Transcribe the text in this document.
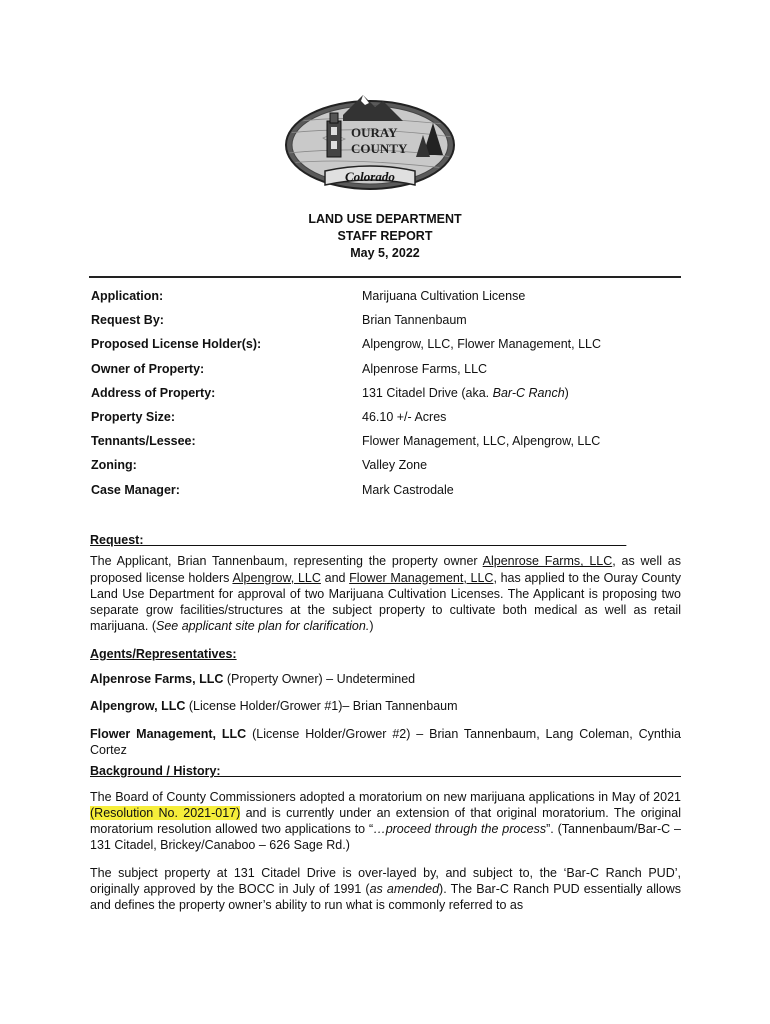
OURAY
COUNTY
Colorado
LAND USE DEPARTMENT
STAFF REPORT
May 5, 2022
Application:	Marijuana Cultivation License
Request By:	Brian Tannenbaum
Proposed License Holder(s):	Alpengrow, LLC, Flower Management, LLC
Owner of Property:	Alpenrose Farms, LLC
Address of Property:	131 Citadel Drive (aka. Bar-C Ranch)
Property Size:	46.10 +/- Acres
Tennants/Lessee:	Flower Management, LLC, Alpengrow, LLC
Zoning:	Valley Zone
Case Manager:	Mark Castrodale
Request:

The Applicant, Brian Tannenbaum, representing the property owner Alpenrose Farms, LLC, as well as proposed license holders Alpengrow, LLC and Flower Management, LLC, has applied to the Ouray County Land Use Department for approval of two Marijuana Cultivation Licenses. The Applicant is proposing two separate grow facilities/structures at the subject property to cultivate both medical as well as retail marijuana. (See applicant site plan for clarification.)

Agents/Representatives:

Alpenrose Farms, LLC (Property Owner) – Undetermined

Alpengrow, LLC (License Holder/Grower #1)– Brian Tannenbaum

Flower Management, LLC (License Holder/Grower #2) – Brian Tannenbaum, Lang Coleman, Cynthia Cortez

Background / History:

The Board of County Commissioners adopted a moratorium on new marijuana applications in May of 2021 (Resolution No. 2021-017) and is currently under an extension of that original moratorium. The original moratorium resolution allowed two applications to “…proceed through the process”. (Tannenbaum/Bar-C – 131 Citadel, Brickey/Canaboo – 626 Sage Rd.)

The subject property at 131 Citadel Drive is over-layed by, and subject to, the ‘Bar-C Ranch PUD’, originally approved by the BOCC in July of 1991 (as amended). The Bar-C Ranch PUD essentially allows and defines the property owner’s ability to run what is commonly referred to as
